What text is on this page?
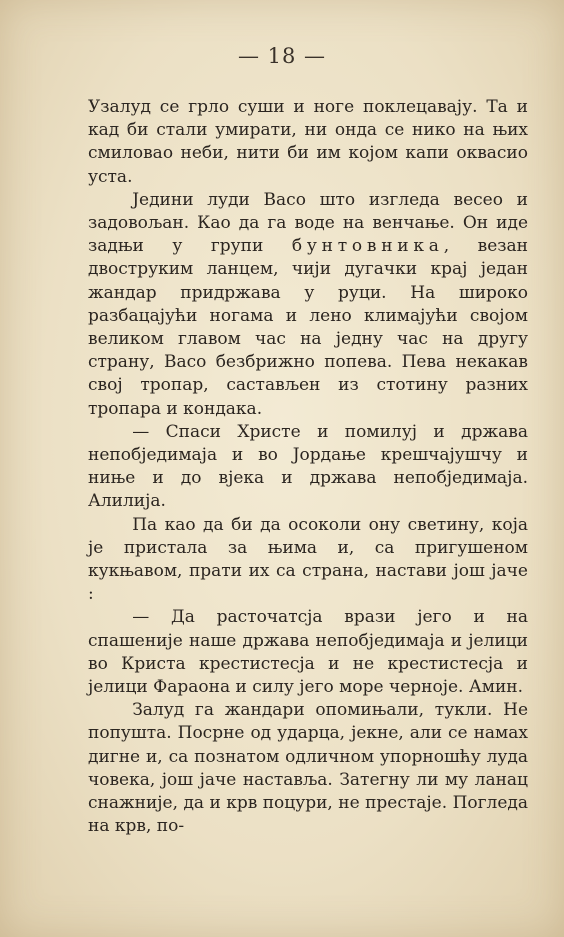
— 18 —

Узалуд се грло суши и ноге поклецавају. Та и кад би стали умирати, ни онда се нико на њих смиловао неби, нити би им којом капи оквасио уста.

Једини луди Васо што изгледа весео и задовољан. Као да га воде на венчање. Он иде задњи у групи бунтовника, везан двоструким ланцем, чији дугачки крај један жандар придржава у руци. На широко разбацајући ногама и лено климајући својом великом главом час на једну час на другу страну, Васо безбрижно попева. Пева некакав свој тропар, састављен из стотину разних тропара и кондака.

— Спаси Христе и помилуј и држава непобједимаја и во Јордање крешчајушчу и ниње и до вјека и држава непобједимаја. Алилија.

Па као да би да осоколи ону светину, која је пристала за њима и, са пригушеном кукњавом, прати их са страна, настави још јаче :

— Да расточатсја врази јего и на спашеније наше држава непобједимаја и јелици во Криста крестистесја и не крестистесја и јелици Фараона и силу јего море черноје. Амин.

Залуд га жандари опомињали, тукли. Не попушта. Посрне од ударца, јекне, али се намах дигне и, са познатом одличном упорношћу луда човека, још јаче наставља. Затегну ли му ланац снажније, да и крв поцури, не престаје. Погледа на крв, по-
